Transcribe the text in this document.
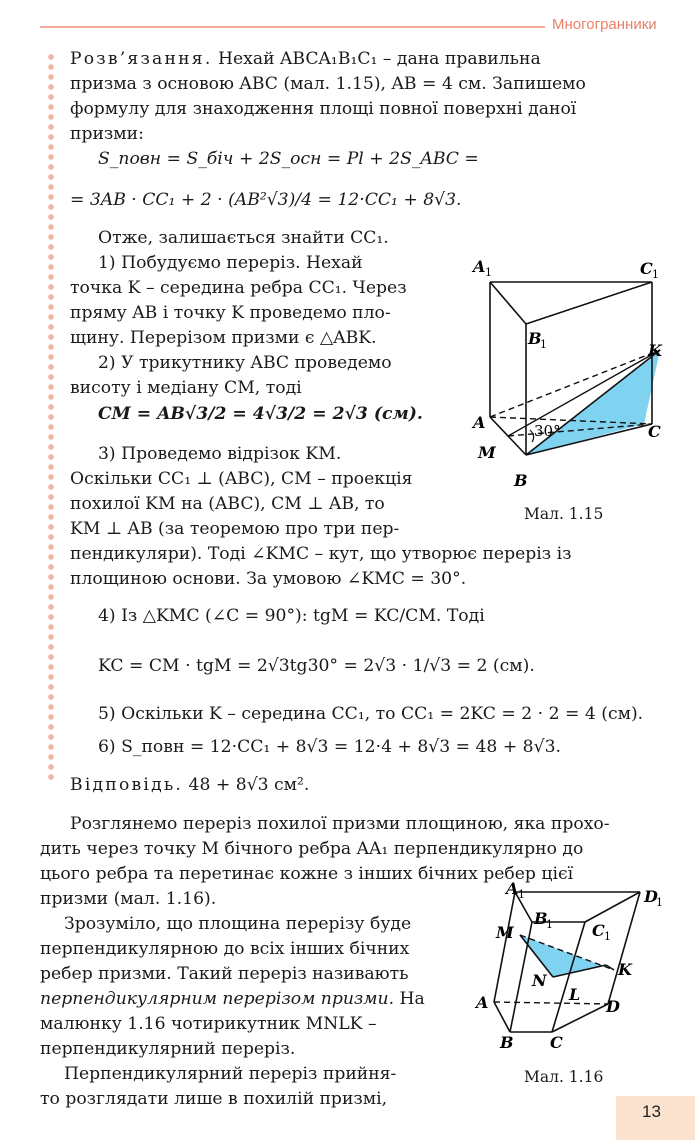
Многогранники
Розв’язання. Нехай ABCA₁B₁C₁ – дана правильна
призма з основою ABC (мал. 1.15), AB = 4 см. Запишемо
формулу для знаходження площі повної поверхні даної
призми:
S_повн = S_біч + 2S_осн = Pl + 2S_ABC =
= 3AB · CC₁ + 2 · (AB²√3)/4 = 12·CC₁ + 8√3.
Отже, залишається знайти CC₁.
1) Побудуємо переріз. Нехай
точка K – середина ребра CC₁. Через
пряму AB і точку K проведемо пло-
щину. Перерізом призми є △ABK.
2) У трикутнику ABC проведемо
висоту і медіану CM, тоді
CM = AB√3/2 = 4√3/2 = 2√3 (см).
3) Проведемо відрізок KM.
Оскільки CC₁ ⊥ (ABC), CM – проекція
похилої KM на (ABC), CM ⊥ AB, то
KM ⊥ AB (за теоремою про три пер-
пендикуляри). Тоді ∠KMC – кут, що утворює переріз із
площиною основи. За умовою ∠KMC = 30°.
4) Із △KMC (∠C = 90°): tgM = KC/CM. Тоді
KC = CM · tgM = 2√3tg30° = 2√3 · 1/√3 = 2 (см).
5) Оскільки K – середина CC₁, то CC₁ = 2KC = 2 · 2 = 4 (см).
6) S_повн = 12·CC₁ + 8√3 = 12·4 + 8√3 = 48 + 8√3.
Відповідь. 48 + 8√3 см².
Розглянемо переріз похилої призми площиною, яка прохо-
дить через точку M бічного ребра AA₁ перпендикулярно до
цього ребра та перетинає кожне з інших бічних ребер цієї
призми (мал. 1.16).
Зрозуміло, що площина перерізу буде
перпендикулярною до всіх інших бічних
ребер призми. Такий переріз називають
перпендикулярним перерізом призми. На
малюнку 1.16 чотирикутник MNLK –
перпендикулярний переріз.
Перпендикулярний переріз прийня-
то розглядати лише в похилій призмі,
A 1	C 1
B
1	K
A
M
B
C
30°
Мал. 1.15
A 1	D
1
B
1 C 1
M
N
L
K
A
B C
D
Мал. 1.16
13
